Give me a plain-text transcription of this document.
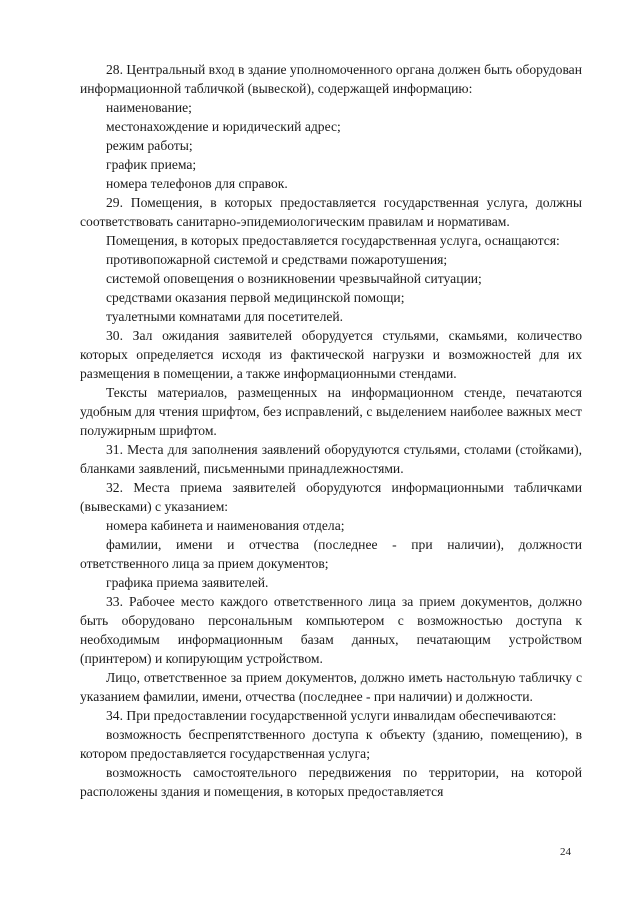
28. Центральный вход в здание уполномоченного органа должен быть оборудован информационной табличкой (вывеской), содержащей информацию:

наименование;

местонахождение и юридический адрес;

режим работы;

график приема;

номера телефонов для справок.

29. Помещения, в которых предоставляется государственная услуга, должны соответствовать санитарно-эпидемиологическим правилам и нормативам.

Помещения, в которых предоставляется государственная услуга, оснащаются:

противопожарной системой и средствами пожаротушения;

системой оповещения о возникновении чрезвычайной ситуации;

средствами оказания первой медицинской помощи;

туалетными комнатами для посетителей.

30. Зал ожидания заявителей оборудуется стульями, скамьями, количество которых определяется исходя из фактической нагрузки и возможностей для их размещения в помещении, а также информационными стендами.

Тексты материалов, размещенных на информационном стенде, печатаются удобным для чтения шрифтом, без исправлений, с выделением наиболее важных мест полужирным шрифтом.

31. Места для заполнения заявлений оборудуются стульями, столами (стойками), бланками заявлений, письменными принадлежностями.

32. Места приема заявителей оборудуются информационными табличками (вывесками) с указанием:

номера кабинета и наименования отдела;

фамилии, имени и отчества (последнее - при наличии), должности ответственного лица за прием документов;

графика приема заявителей.

33. Рабочее место каждого ответственного лица за прием документов, должно быть оборудовано персональным компьютером с возможностью доступа к необходимым информационным базам данных, печатающим устройством (принтером) и копирующим устройством.

Лицо, ответственное за прием документов, должно иметь настольную табличку с указанием фамилии, имени, отчества (последнее - при наличии) и должности.

34. При предоставлении государственной услуги инвалидам обеспечиваются:

возможность беспрепятственного доступа к объекту (зданию, помещению), в котором предоставляется государственная услуга;

возможность самостоятельного передвижения по территории, на которой расположены здания и помещения, в которых предоставляется

24
